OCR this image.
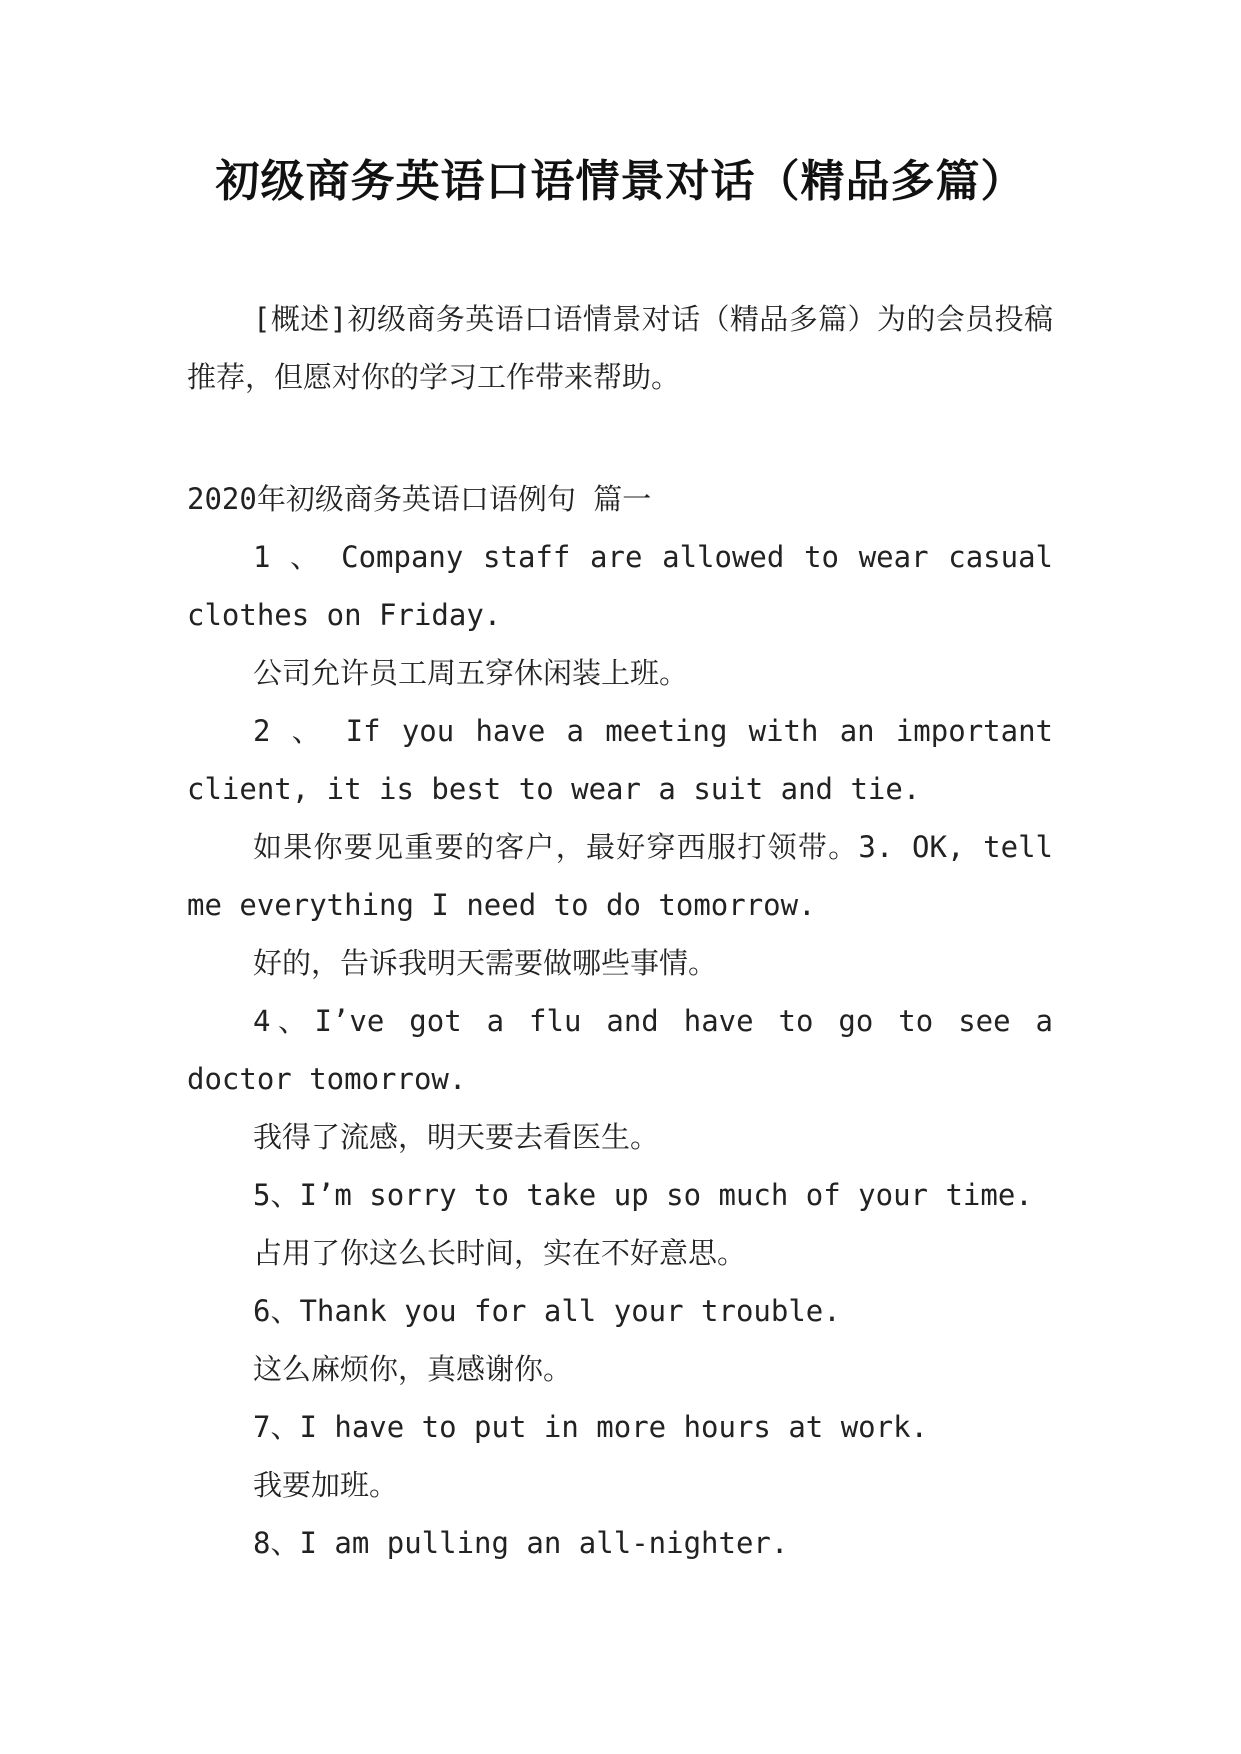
初级商务英语口语情景对话（精品多篇）

[概述]初级商务英语口语情景对话（精品多篇）为的会员投稿推荐，但愿对你的学习工作带来帮助。

2020年初级商务英语口语例句 篇一

1 、 Company staff are allowed to wear casual clothes on Friday.

公司允许员工周五穿休闲装上班。

2 、 If you have a meeting with an important client, it is best to wear a suit and tie.

如果你要见重要的客户，最好穿西服打领带。3. OK, tell me everything I need to do tomorrow.

好的，告诉我明天需要做哪些事情。

4、I’ve got a flu and have to go to see a doctor tomorrow.

我得了流感，明天要去看医生。

5、I’m sorry to take up so much of your time.

占用了你这么长时间，实在不好意思。

6、Thank you for all your trouble.

这么麻烦你，真感谢你。

7、I have to put in more hours at work.

我要加班。

8、I am pulling an all-nighter.
